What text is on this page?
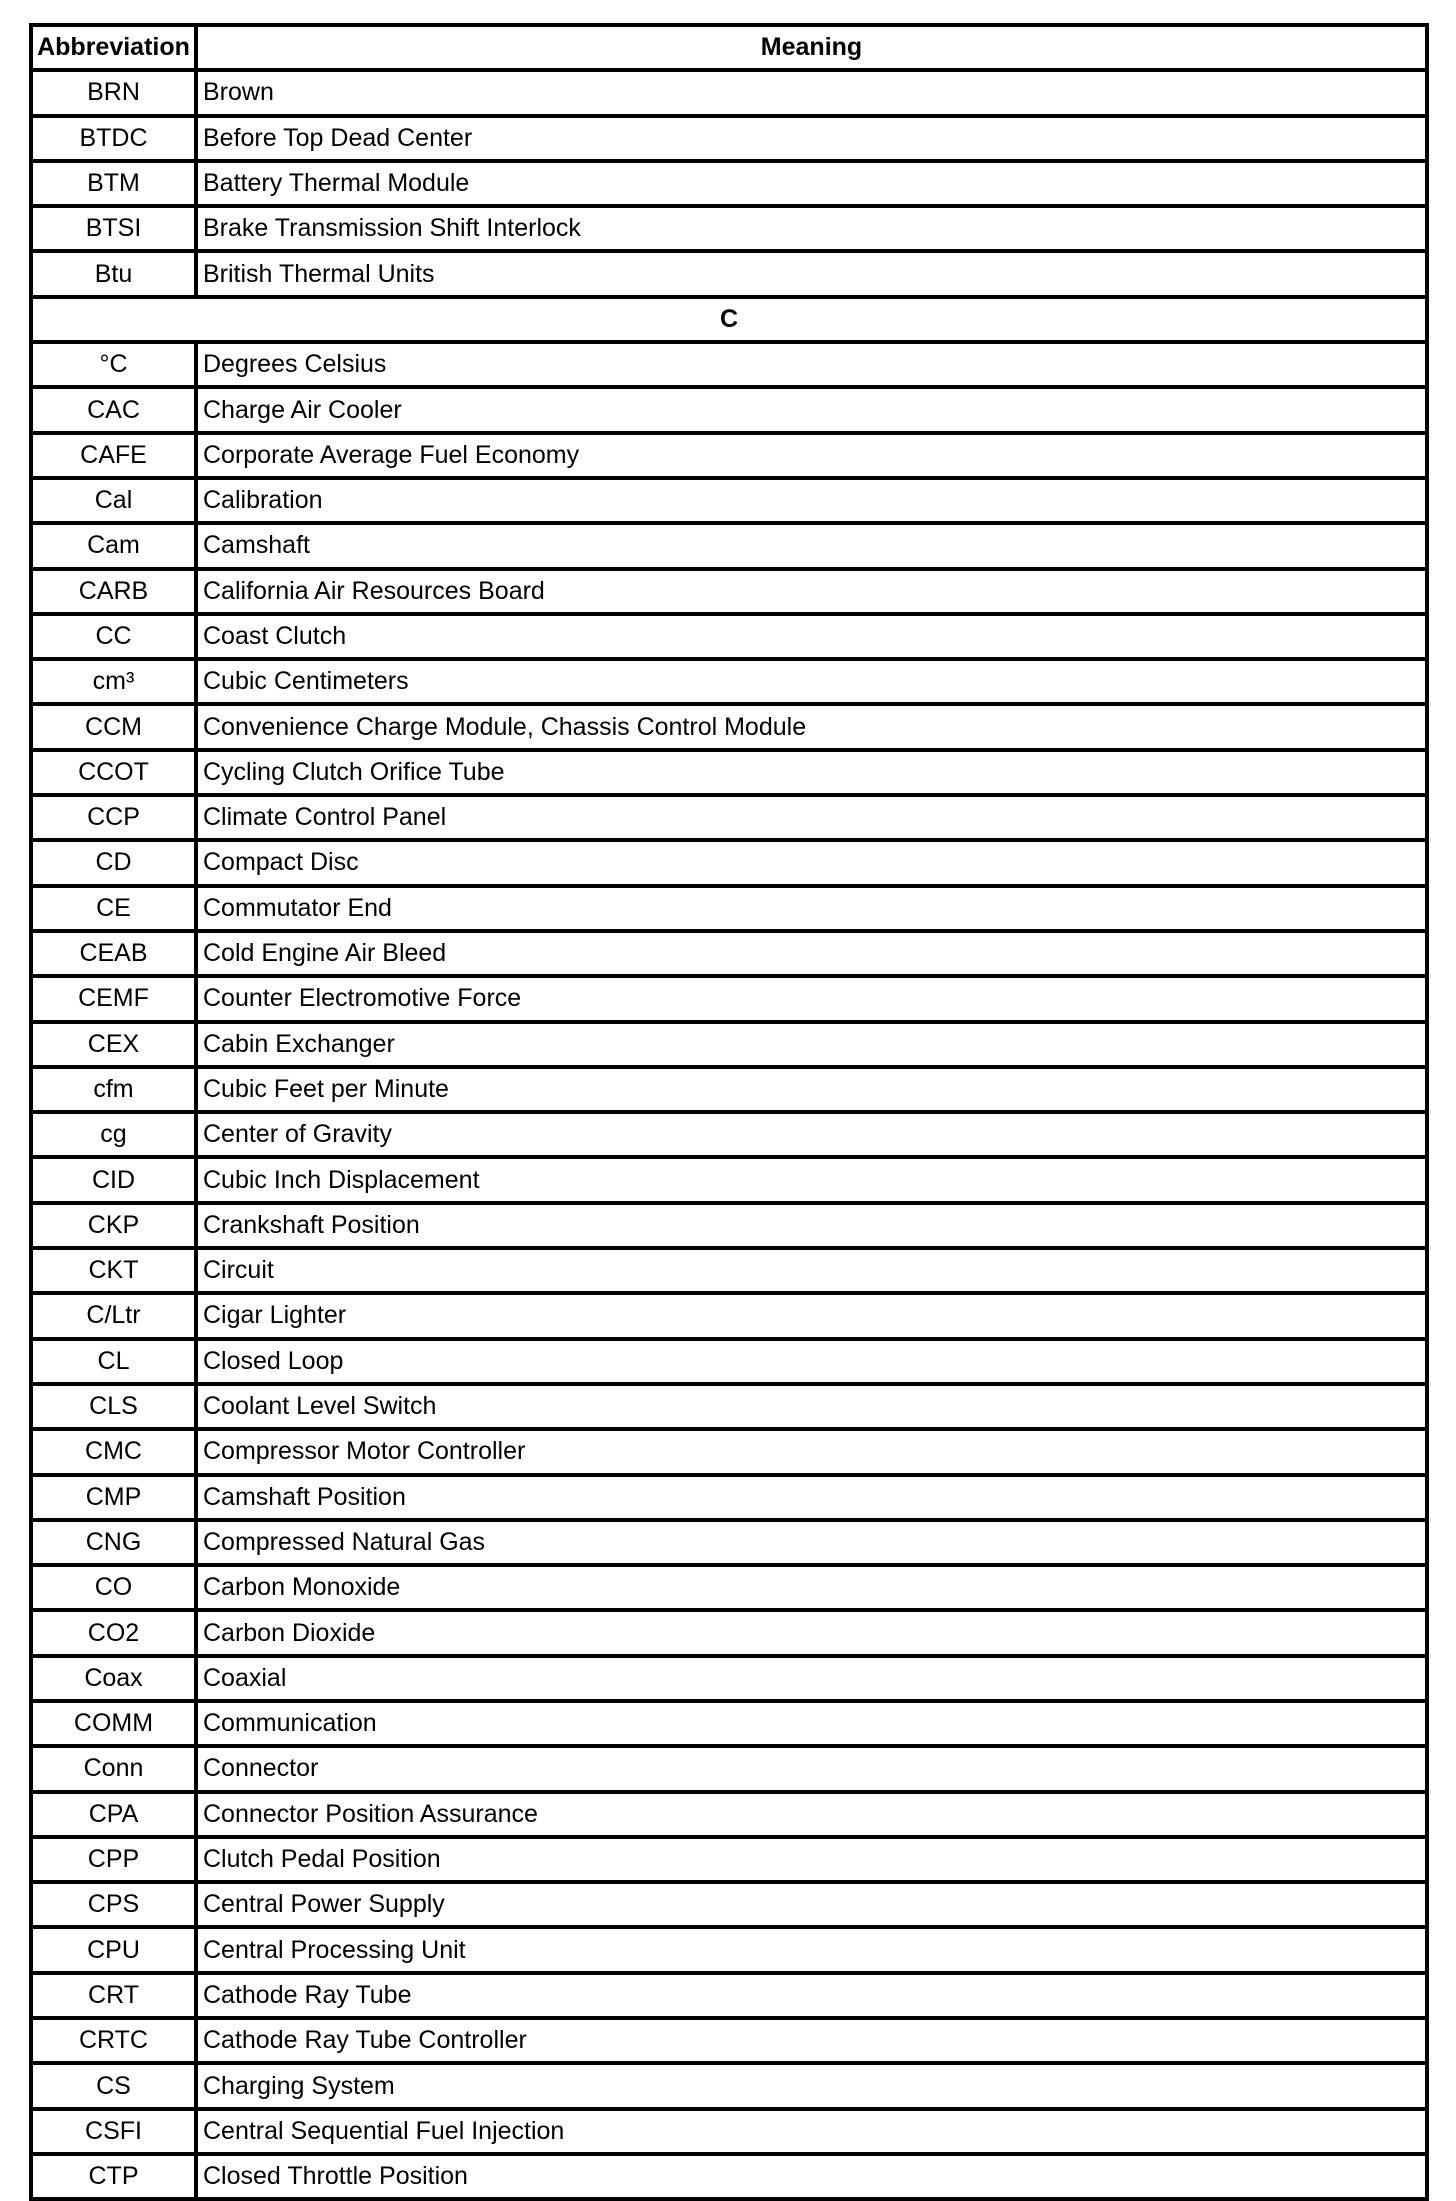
Abbreviation	Meaning
BRN	Brown
BTDC	Before Top Dead Center
BTM	Battery Thermal Module
BTSI	Brake Transmission Shift Interlock
Btu	British Thermal Units
C	
°C	Degrees Celsius
CAC	Charge Air Cooler
CAFE	Corporate Average Fuel Economy
Cal	Calibration
Cam	Camshaft
CARB	California Air Resources Board
CC	Coast Clutch
cm³	Cubic Centimeters
CCM	Convenience Charge Module, Chassis Control Module
CCOT	Cycling Clutch Orifice Tube
CCP	Climate Control Panel
CD	Compact Disc
CE	Commutator End
CEAB	Cold Engine Air Bleed
CEMF	Counter Electromotive Force
CEX	Cabin Exchanger
cfm	Cubic Feet per Minute
cg	Center of Gravity
CID	Cubic Inch Displacement
CKP	Crankshaft Position
CKT	Circuit
C/Ltr	Cigar Lighter
CL	Closed Loop
CLS	Coolant Level Switch
CMC	Compressor Motor Controller
CMP	Camshaft Position
CNG	Compressed Natural Gas
CO	Carbon Monoxide
CO2	Carbon Dioxide
Coax	Coaxial
COMM	Communication
Conn	Connector
CPA	Connector Position Assurance
CPP	Clutch Pedal Position
CPS	Central Power Supply
CPU	Central Processing Unit
CRT	Cathode Ray Tube
CRTC	Cathode Ray Tube Controller
CS	Charging System
CSFI	Central Sequential Fuel Injection
CTP	Closed Throttle Position
